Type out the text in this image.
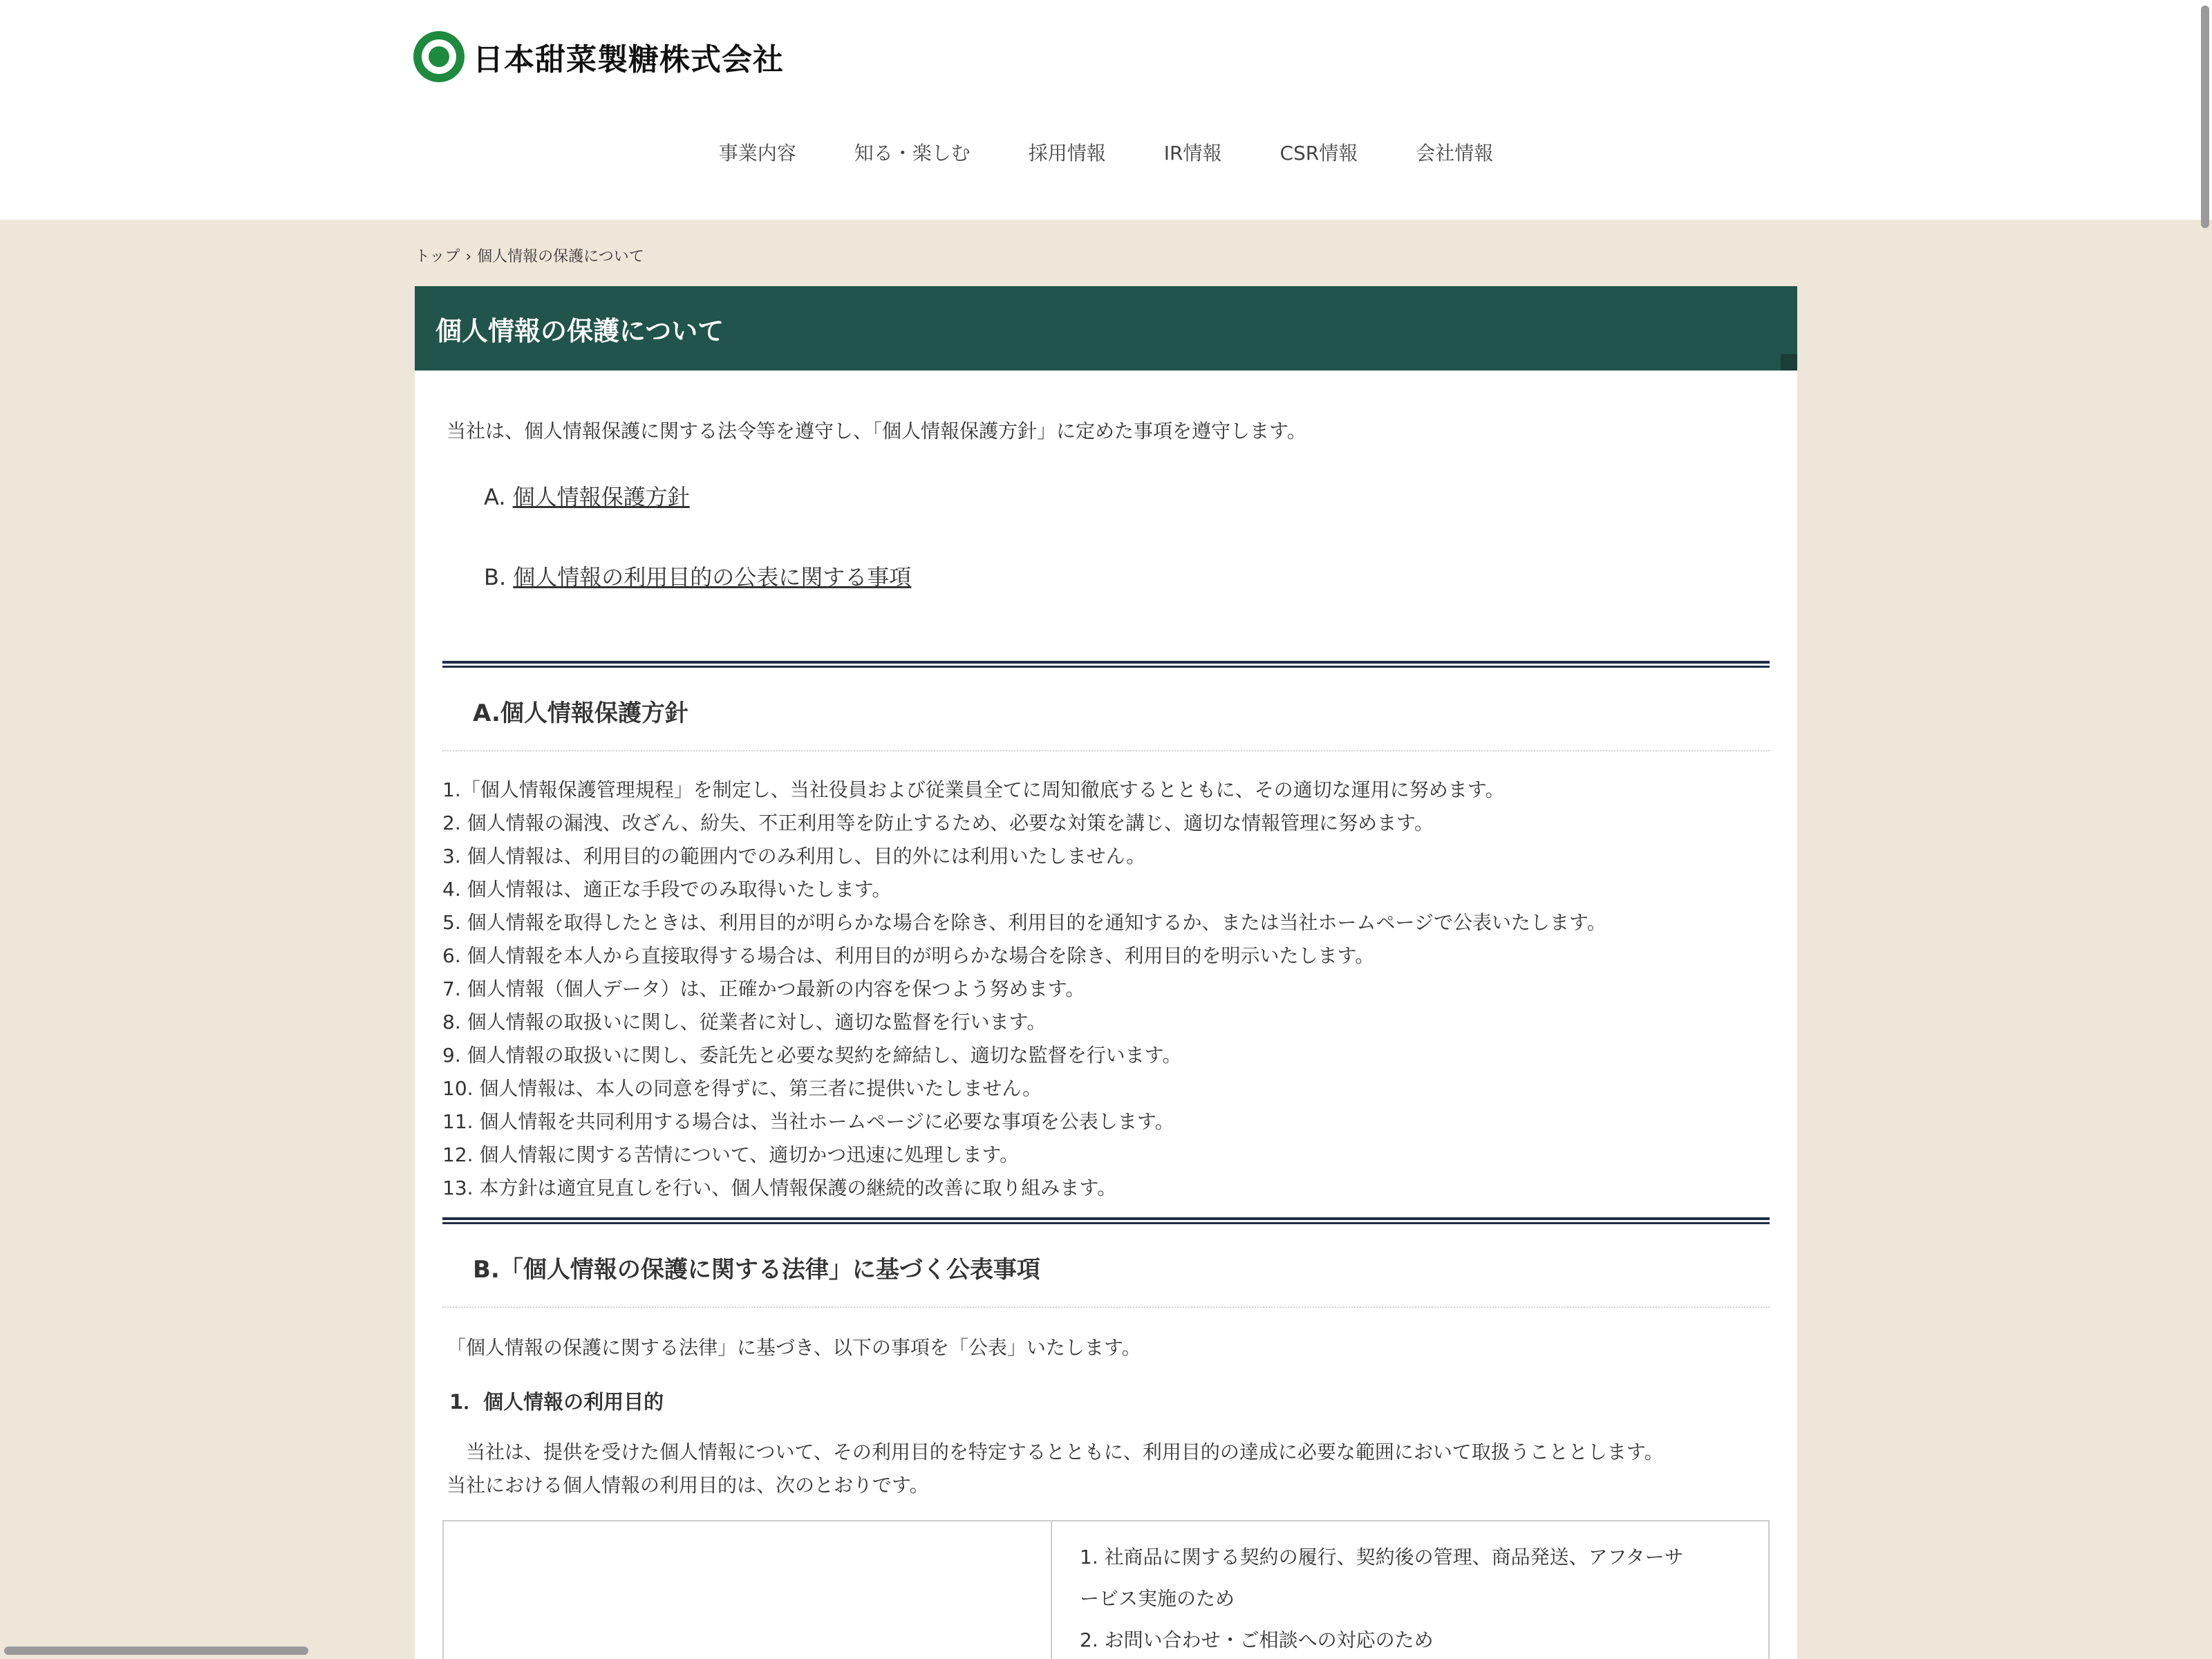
日本甜菜製糖株式会社
事業内容	知る・楽しむ	採用情報	IR情報	CSR情報	会社情報
トップ › 個人情報の保護について
個人情報の保護について

当社は、個人情報保護に関する法令等を遵守し、「個人情報保護方針」に定めた事項を遵守します。

A. 個人情報保護方針
B. 個人情報の利用目的の公表に関する事項
A.個人情報保護方針
1.「個人情報保護管理規程」を制定し、当社役員および従業員全てに周知徹底するとともに、その適切な運用に努めます。
2. 個人情報の漏洩、改ざん、紛失、不正利用等を防止するため、必要な対策を講じ、適切な情報管理に努めます。
3. 個人情報は、利用目的の範囲内でのみ利用し、目的外には利用いたしません。
4. 個人情報は、適正な手段でのみ取得いたします。
5. 個人情報を取得したときは、利用目的が明らかな場合を除き、利用目的を通知するか、または当社ホームページで公表いたします。
6. 個人情報を本人から直接取得する場合は、利用目的が明らかな場合を除き、利用目的を明示いたします。
7. 個人情報（個人データ）は、正確かつ最新の内容を保つよう努めます。
8. 個人情報の取扱いに関し、従業者に対し、適切な監督を行います。
9. 個人情報の取扱いに関し、委託先と必要な契約を締結し、適切な監督を行います。
10. 個人情報は、本人の同意を得ずに、第三者に提供いたしません。
11. 個人情報を共同利用する場合は、当社ホームページに必要な事項を公表します。
12. 個人情報に関する苦情について、適切かつ迅速に処理します。
13. 本方針は適宜見直しを行い、個人情報保護の継続的改善に取り組みます。
B.「個人情報の保護に関する法律」に基づく公表事項

「個人情報の保護に関する法律」に基づき、以下の事項を「公表」いたします。

1．個人情報の利用目的
当社は、提供を受けた個人情報について、その利用目的を特定するとともに、利用目的の達成に必要な範囲において取扱うこととします。
当社における個人情報の利用目的は、次のとおりです。

1. 社商品に関する契約の履行、契約後の管理、商品発送、アフターサ
ービス実施のため
2. お問い合わせ・ご相談への対応のため
